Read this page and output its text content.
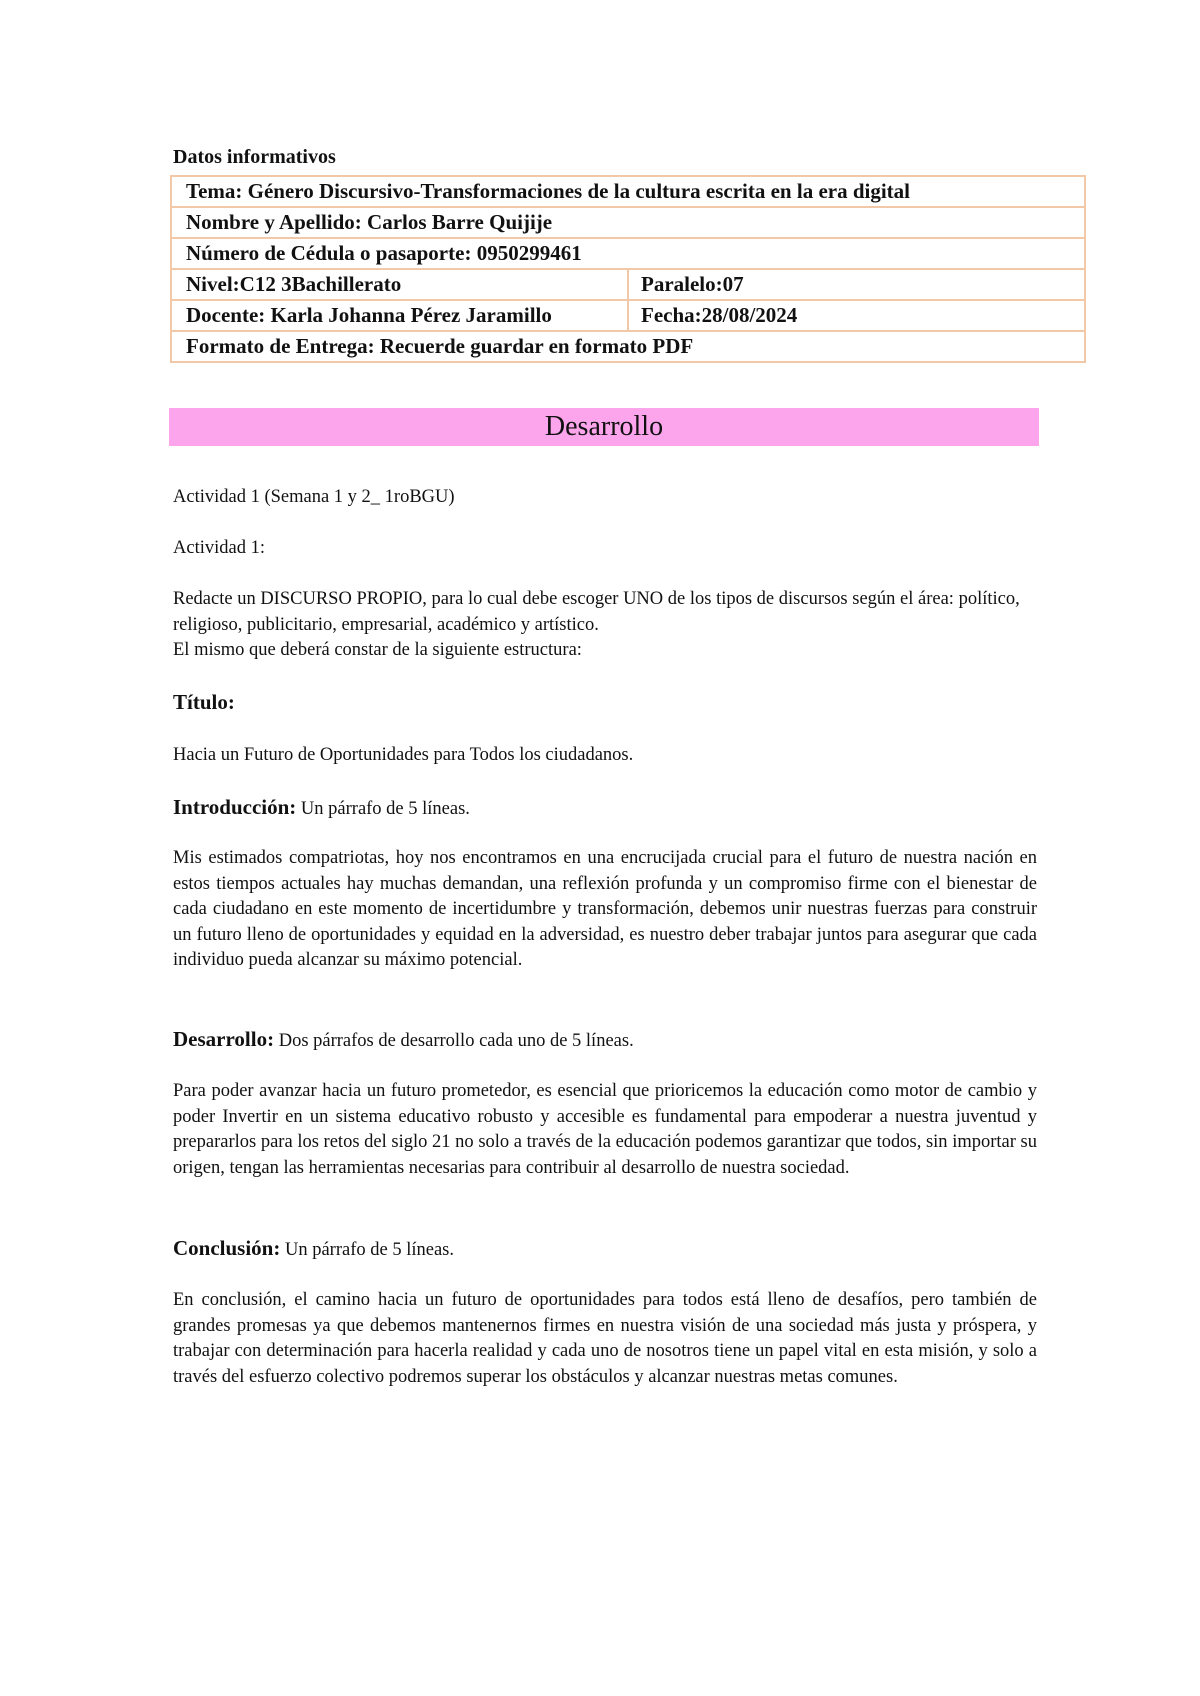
Datos informativos
Tema: Género Discursivo-Transformaciones de la cultura escrita en la era digital	
Nombre y Apellido: Carlos Barre Quijije	
Número de Cédula o pasaporte: 0950299461	
Nivel:C12 3Bachillerato	Paralelo:07
Docente: Karla Johanna Pérez Jaramillo	Fecha:28/08/2024
Formato de Entrega: Recuerde guardar en formato PDF	
Desarrollo
Actividad 1 (Semana 1 y 2_ 1roBGU)
Actividad 1:
Redacte un DISCURSO PROPIO, para lo cual debe escoger UNO de los tipos de discursos según el área: político, religioso, publicitario, empresarial, académico y artístico.
El mismo que deberá constar de la siguiente estructura:
Título:
Hacia un Futuro de Oportunidades para Todos los ciudadanos.
Introducción: Un párrafo de 5 líneas.
Mis estimados compatriotas, hoy nos encontramos en una encrucijada crucial para el futuro de nuestra nación en estos tiempos actuales hay muchas demandan, una reflexión profunda y un compromiso firme con el bienestar de cada ciudadano en este momento de incertidumbre y transformación, debemos unir nuestras fuerzas para construir un futuro lleno de oportunidades y equidad en la adversidad, es nuestro deber trabajar juntos para asegurar que cada individuo pueda alcanzar su máximo potencial.
Desarrollo: Dos párrafos de desarrollo cada uno de 5 líneas.
Para poder avanzar hacia un futuro prometedor, es esencial que prioricemos la educación como motor de cambio y poder Invertir en un sistema educativo robusto y accesible es fundamental para empoderar a nuestra juventud y prepararlos para los retos del siglo 21 no solo a través de la educación podemos garantizar que todos, sin importar su origen, tengan las herramientas necesarias para contribuir al desarrollo de nuestra sociedad.
Conclusión: Un párrafo de 5 líneas.
En conclusión, el camino hacia un futuro de oportunidades para todos está lleno de desafíos, pero también de grandes promesas ya que debemos mantenernos firmes en nuestra visión de una sociedad más justa y próspera, y trabajar con determinación para hacerla realidad y cada uno de nosotros tiene un papel vital en esta misión, y solo a través del esfuerzo colectivo podremos superar los obstáculos y alcanzar nuestras metas comunes.
